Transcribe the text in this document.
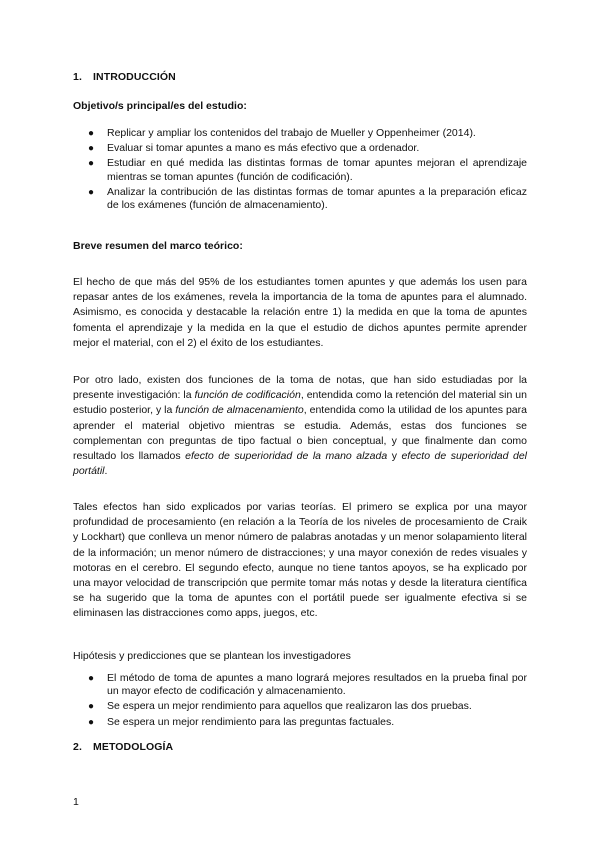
1. INTRODUCCIÓN
Objetivo/s principal/es del estudio:
● Replicar y ampliar los contenidos del trabajo de Mueller y Oppenheimer (2014).
● Evaluar si tomar apuntes a mano es más efectivo que a ordenador.
● Estudiar en qué medida las distintas formas de tomar apuntes mejoran el aprendizaje mientras se toman apuntes (función de codificación).
● Analizar la contribución de las distintas formas de tomar apuntes a la preparación eficaz de los exámenes (función de almacenamiento).
Breve resumen del marco teórico:

El hecho de que más del 95% de los estudiantes tomen apuntes y que además los usen para repasar antes de los exámenes, revela la importancia de la toma de apuntes para el alumnado. Asimismo, es conocida y destacable la relación entre 1) la medida en que la toma de apuntes fomenta el aprendizaje y la medida en la que el estudio de dichos apuntes permite aprender mejor el material, con el 2) el éxito de los estudiantes.

Por otro lado, existen dos funciones de la toma de notas, que han sido estudiadas por la presente investigación: la función de codificación, entendida como la retención del material sin un estudio posterior, y la función de almacenamiento, entendida como la utilidad de los apuntes para aprender el material objetivo mientras se estudia. Además, estas dos funciones se complementan con preguntas de tipo factual o bien conceptual, y que finalmente dan como resultado los llamados efecto de superioridad de la mano alzada y efecto de superioridad del portátil.

Tales efectos han sido explicados por varias teorías. El primero se explica por una mayor profundidad de procesamiento (en relación a la Teoría de los niveles de procesamiento de Craik y Lockhart) que conlleva un menor número de palabras anotadas y un menor solapamiento literal de la información; un menor número de distracciones; y una mayor conexión de redes visuales y motoras en el cerebro. El segundo efecto, aunque no tiene tantos apoyos, se ha explicado por una mayor velocidad de transcripción que permite tomar más notas y desde la literatura científica se ha sugerido que la toma de apuntes con el portátil puede ser igualmente efectiva si se eliminasen las distracciones como apps, juegos, etc.

Hipótesis y predicciones que se plantean los investigadores
● El método de toma de apuntes a mano logrará mejores resultados en la prueba final por un mayor efecto de codificación y almacenamiento.
● Se espera un mejor rendimiento para aquellos que realizaron las dos pruebas.
● Se espera un mejor rendimiento para las preguntas factuales.
2. METODOLOGÍA
1
